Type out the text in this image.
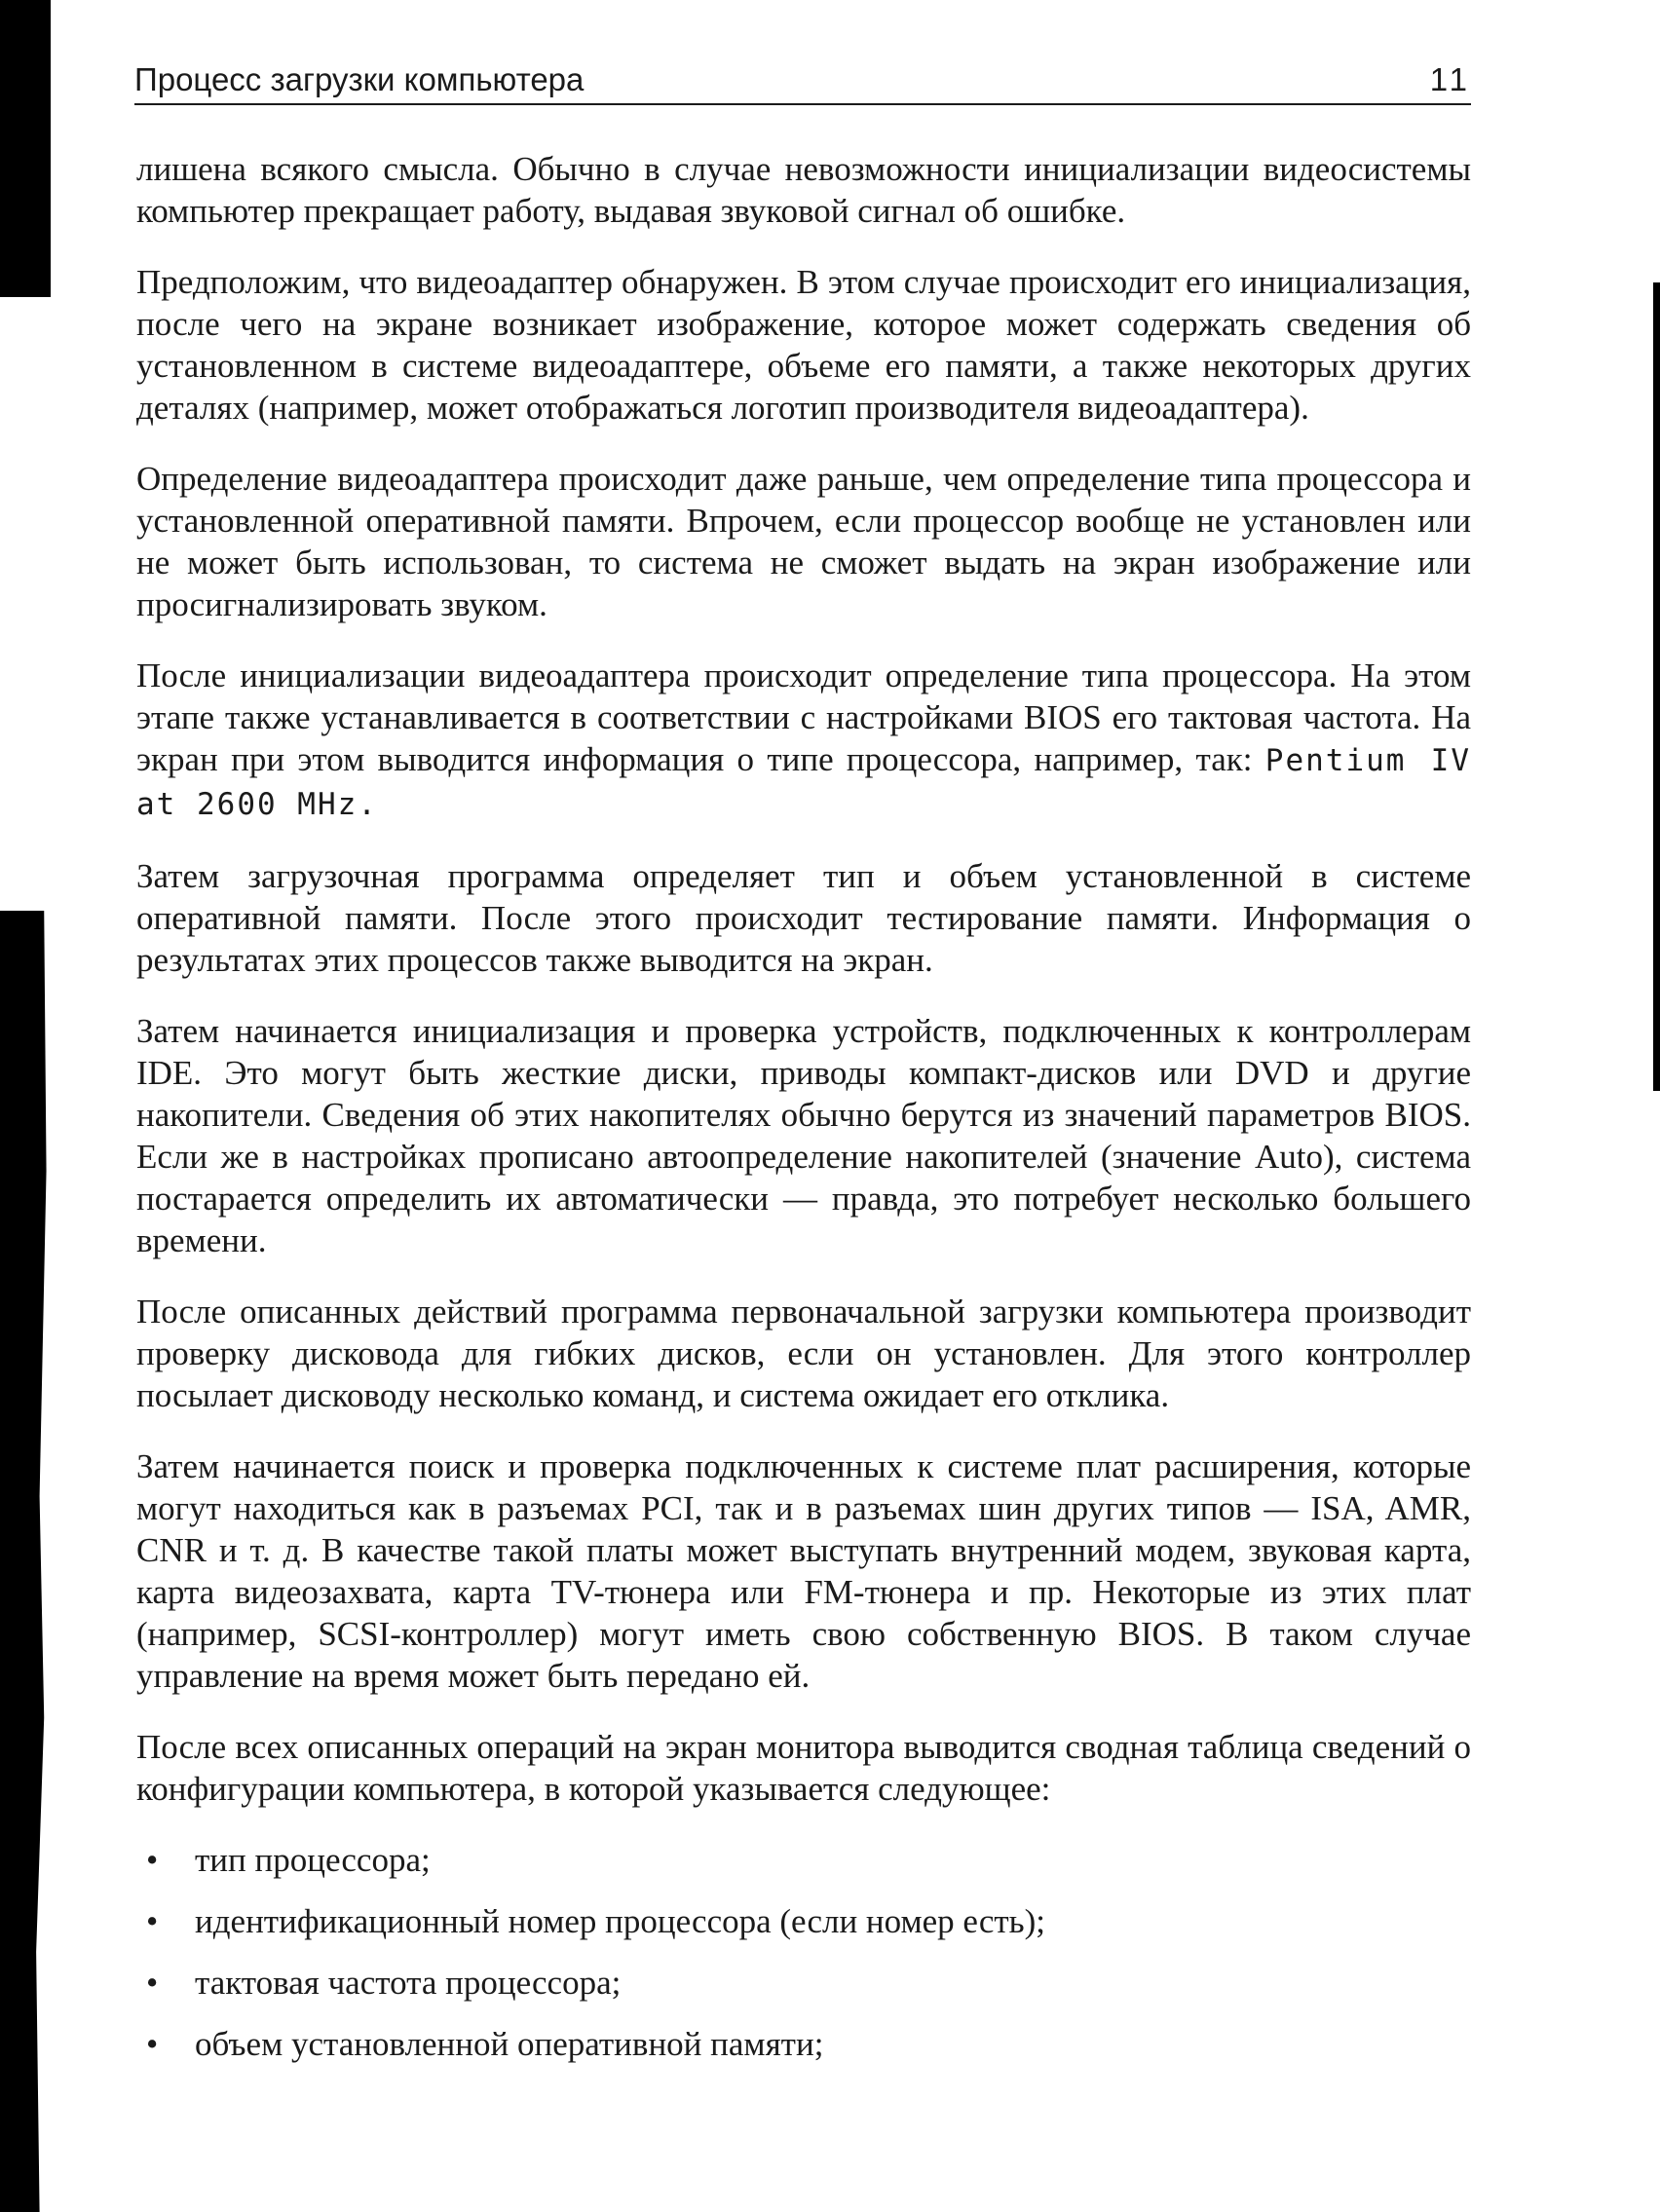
Процесс загрузки компьютера	11

лишена всякого смысла. Обычно в случае невозможности инициализации видеосистемы компьютер прекращает работу, выдавая звуковой сигнал об ошибке.

Предположим, что видеоадаптер обнаружен. В этом случае происходит его инициализация, после чего на экране возникает изображение, которое может содержать сведения об установленном в системе видеоадаптере, объеме его памяти, а также некоторых других деталях (например, может отображаться логотип производителя видеоадаптера).

Определение видеоадаптера происходит даже раньше, чем определение типа процессора и установленной оперативной памяти. Впрочем, если процессор вообще не установлен или не может быть использован, то система не сможет выдать на экран изображение или просигнализировать звуком.

После инициализации видеоадаптера происходит определение типа процессора. На этом этапе также устанавливается в соответствии с настройками BIOS его тактовая частота. На экран при этом выводится информация о типе процессора, например, так: Pentium IV at 2600 MHz.

Затем загрузочная программа определяет тип и объем установленной в системе оперативной памяти. После этого происходит тестирование памяти. Информация о результатах этих процессов также выводится на экран.

Затем начинается инициализация и проверка устройств, подключенных к контроллерам IDE. Это могут быть жесткие диски, приводы компакт-дисков или DVD и другие накопители. Сведения об этих накопителях обычно берутся из значений параметров BIOS. Если же в настройках прописано автоопределение накопителей (значение Auto), система постарается определить их автоматически — правда, это потребует несколько большего времени.

После описанных действий программа первоначальной загрузки компьютера производит проверку дисковода для гибких дисков, если он установлен. Для этого контроллер посылает дисководу несколько команд, и система ожидает его отклика.

Затем начинается поиск и проверка подключенных к системе плат расширения, которые могут находиться как в разъемах PCI, так и в разъемах шин других типов — ISA, AMR, CNR и т. д. В качестве такой платы может выступать внутренний модем, звуковая карта, карта видеозахвата, карта TV-тюнера или FM-тюнера и пр. Некоторые из этих плат (например, SCSI-контроллер) могут иметь свою собственную BIOS. В таком случае управление на время может быть передано ей.

После всех описанных операций на экран монитора выводится сводная таблица сведений о конфигурации компьютера, в которой указывается следующее:

• тип процессора;
• идентификационный номер процессора (если номер есть);
• тактовая частота процессора;
• объем установленной оперативной памяти;
